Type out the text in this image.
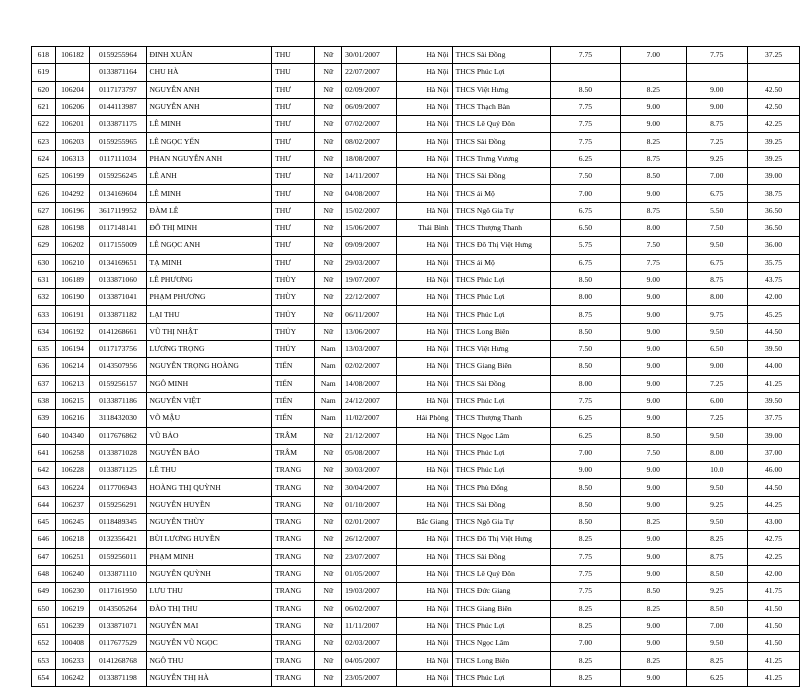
618	106182	0159255964	ĐINH XUÂN	THU	Nữ	30/01/2007	Hà Nội	THCS Sài Đồng	7.75	7.00	7.75	37.25
619		0133871164	CHU HÀ	THU	Nữ	22/07/2007	Hà Nội	THCS Phúc Lợi				
620	106204	0117173797	NGUYỄN ANH	THƯ	Nữ	02/09/2007	Hà Nội	THCS Việt Hưng	8.50	8.25	9.00	42.50
621	106206	0144113987	NGUYỄN ANH	THƯ	Nữ	06/09/2007	Hà Nội	THCS Thạch Bàn	7.75	9.00	9.00	42.50
622	106201	0133871175	LÊ MINH	THƯ	Nữ	07/02/2007	Hà Nội	THCS Lê Quý Đôn	7.75	9.00	8.75	42.25
623	106203	0159255965	LÊ NGỌC YẾN	THƯ	Nữ	08/02/2007	Hà Nội	THCS Sài Đồng	7.75	8.25	7.25	39.25
624	106313	0117111034	PHAN NGUYỄN ANH	THƯ	Nữ	18/08/2007	Hà Nội	THCS Trưng Vương	6.25	8.75	9.25	39.25
625	106199	0159256245	LÊ ANH	THƯ	Nữ	14/11/2007	Hà Nội	THCS Sài Đồng	7.50	8.50	7.00	39.00
626	104292	0134169604	LÊ MINH	THƯ	Nữ	04/08/2007	Hà Nội	THCS ái Mộ	7.00	9.00	6.75	38.75
627	106196	3617119952	ĐÀM LÊ	THƯ	Nữ	15/02/2007	Hà Nội	THCS Ngô Gia Tự	6.75	8.75	5.50	36.50
628	106198	0117148141	ĐỖ THỊ MINH	THƯ	Nữ	15/06/2007	Thái Bình	THCS Thượng Thanh	6.50	8.00	7.50	36.50
629	106202	0117155009	LÊ NGỌC ANH	THƯ	Nữ	09/09/2007	Hà Nội	THCS Đô Thị Việt Hưng	5.75	7.50	9.50	36.00
630	106210	0134169651	TẠ MINH	THƯ	Nữ	29/03/2007	Hà Nội	THCS ái Mộ	6.75	7.75	6.75	35.75
631	106189	0133871060	LÊ PHƯƠNG	THÙY	Nữ	19/07/2007	Hà Nội	THCS Phúc Lợi	8.50	9.00	8.75	43.75
632	106190	0133871041	PHẠM PHƯƠNG	THÙY	Nữ	22/12/2007	Hà Nội	THCS Phúc Lợi	8.00	9.00	8.00	42.00
633	106191	0133871182	LẠI THU	THỦY	Nữ	06/11/2007	Hà Nội	THCS Phúc Lợi	8.75	9.00	9.75	45.25
634	106192	0141268661	VŨ THỊ NHẬT	THỦY	Nữ	13/06/2007	Hà Nội	THCS Long Biên	8.50	9.00	9.50	44.50
635	106194	0117173756	LƯƠNG TRỌNG	THỦY	Nam	13/03/2007	Hà Nội	THCS Việt Hưng	7.50	9.00	6.50	39.50
636	106214	0143507956	NGUYỄN TRỌNG HOÀNG	TIẾN	Nam	02/02/2007	Hà Nội	THCS Giang Biên	8.50	9.00	9.00	44.00
637	106213	0159256157	NGÔ MINH	TIẾN	Nam	14/08/2007	Hà Nội	THCS Sài Đồng	8.00	9.00	7.25	41.25
638	106215	0133871186	NGUYỄN VIỆT	TIẾN	Nam	24/12/2007	Hà Nội	THCS Phúc Lợi	7.75	9.00	6.00	39.50
639	106216	3118432030	VÕ MẬU	TIẾN	Nam	11/02/2007	Hải Phòng	THCS Thượng Thanh	6.25	9.00	7.25	37.75
640	104340	0117676862	VŨ BẢO	TRÂM	Nữ	21/12/2007	Hà Nội	THCS Ngọc Lâm	6.25	8.50	9.50	39.00
641	106258	0133871028	NGUYỄN BẢO	TRÂM	Nữ	05/08/2007	Hà Nội	THCS Phúc Lợi	7.00	7.50	8.00	37.00
642	106228	0133871125	LÊ THU	TRANG	Nữ	30/03/2007	Hà Nội	THCS Phúc Lợi	9.00	9.00	10.0	46.00
643	106224	0117706943	HOÀNG THỊ QUỲNH	TRANG	Nữ	30/04/2007	Hà Nội	THCS Phù Đổng	8.50	9.00	9.50	44.50
644	106237	0159256291	NGUYỄN HUYỀN	TRANG	Nữ	01/10/2007	Hà Nội	THCS Sài Đồng	8.50	9.00	9.25	44.25
645	106245	0118489345	NGUYỄN THÙY	TRANG	Nữ	02/01/2007	Bắc Giang	THCS Ngô Gia Tự	8.50	8.25	9.50	43.00
646	106218	0132356421	BÙI LƯƠNG HUYỀN	TRANG	Nữ	26/12/2007	Hà Nội	THCS Đô Thị Việt Hưng	8.25	9.00	8.25	42.75
647	106251	0159256011	PHẠM MINH	TRANG	Nữ	23/07/2007	Hà Nội	THCS Sài Đồng	7.75	9.00	8.75	42.25
648	106240	0133871110	NGUYỄN QUỲNH	TRANG	Nữ	01/05/2007	Hà Nội	THCS Lê Quý Đôn	7.75	9.00	8.50	42.00
649	106230	0117161950	LƯU THU	TRANG	Nữ	19/03/2007	Hà Nội	THCS Đức Giang	7.75	8.50	9.25	41.75
650	106219	0143505264	ĐÀO THỊ THU	TRANG	Nữ	06/02/2007	Hà Nội	THCS Giang Biên	8.25	8.25	8.50	41.50
651	106239	0133871071	NGUYỄN MAI	TRANG	Nữ	11/11/2007	Hà Nội	THCS Phúc Lợi	8.25	9.00	7.00	41.50
652	100408	0117677529	NGUYỄN VŨ NGỌC	TRANG	Nữ	02/03/2007	Hà Nội	THCS Ngọc Lâm	7.00	9.00	9.50	41.50
653	106233	0141268768	NGÔ THU	TRANG	Nữ	04/05/2007	Hà Nội	THCS Long Biên	8.25	8.25	8.25	41.25
654	106242	0133871198	NGUYỄN THỊ HÀ	TRANG	Nữ	23/05/2007	Hà Nội	THCS Phúc Lợi	8.25	9.00	6.25	41.25
